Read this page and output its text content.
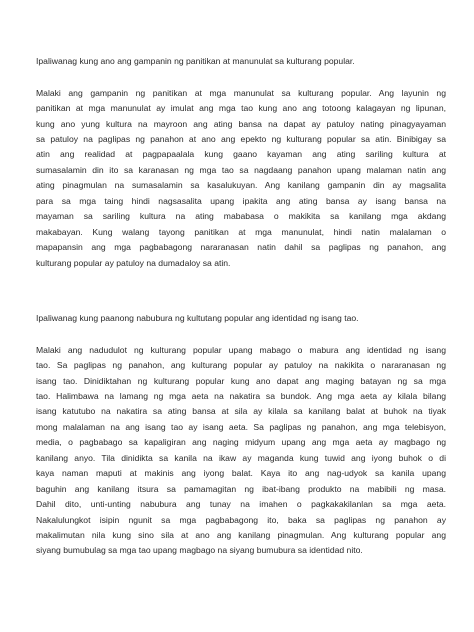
Ipaliwanag kung ano ang gampanin ng panitikan at manunulat sa kulturang popular.

Malaki ang gampanin ng panitikan at mga manunulat sa kulturang popular. Ang layunin ng
panitikan at mga manunulat ay imulat ang mga tao kung ano ang totoong kalagayan ng lipunan,
kung ano yung kultura na mayroon ang ating bansa na dapat ay patuloy nating pinagyayaman
sa patuloy na paglipas ng panahon at ano ang epekto ng kulturang popular sa atin. Binibigay sa
atin ang realidad at pagpapaalala kung gaano kayaman ang ating sariling kultura at
sumasalamin din ito sa karanasan ng mga tao sa nagdaang panahon upang malaman natin ang
ating pinagmulan na sumasalamin sa kasalukuyan. Ang kanilang gampanin din ay magsalita
para sa mga taing hindi nagsasalita upang ipakita ang ating bansa ay isang bansa na
mayaman sa sariling kultura na ating mababasa o makikita sa kanilang mga akdang
makabayan. Kung walang tayong panitikan at mga manunulat, hindi natin malalaman o
mapapansin ang mga pagbabagong nararanasan natin dahil sa paglipas ng panahon, ang
kulturang popular ay patuloy na dumadaloy sa atin.

Ipaliwanag kung paanong nabubura ng kultutang popular ang identidad ng isang tao.

Malaki ang nadudulot ng kulturang popular upang mabago o mabura ang identidad ng isang
tao. Sa paglipas ng panahon, ang kulturang popular ay patuloy na nakikita o nararanasan ng
isang tao. Dinidiktahan ng kulturang popular kung ano dapat ang maging batayan ng sa mga
tao. Halimbawa na lamang ng mga aeta na nakatira sa bundok. Ang mga aeta ay kilala bilang
isang katutubo na nakatira sa ating bansa at sila ay kilala sa kanilang balat at buhok na tiyak
mong malalaman na ang isang tao ay isang aeta. Sa paglipas ng panahon, ang mga telebisyon,
media, o pagbabago sa kapaligiran ang naging midyum upang ang mga aeta ay magbago ng
kanilang anyo. Tila dinidikta sa kanila na ikaw ay maganda kung tuwid ang iyong buhok o di
kaya naman maputi at makinis ang iyong balat. Kaya ito ang nag-udyok sa kanila upang
baguhin ang kanilang itsura sa pamamagitan ng ibat-ibang produkto na mabibili ng masa.
Dahil dito, unti-unting nabubura ang tunay na imahen o pagkakakilanlan sa mga aeta.
Nakalulungkot isipin ngunit sa mga pagbabagong ito, baka sa paglipas ng panahon ay
makalimutan nila kung sino sila at ano ang kanilang pinagmulan. Ang kulturang popular ang
siyang bumubulag sa mga tao upang magbago na siyang bumubura sa identidad nito.
